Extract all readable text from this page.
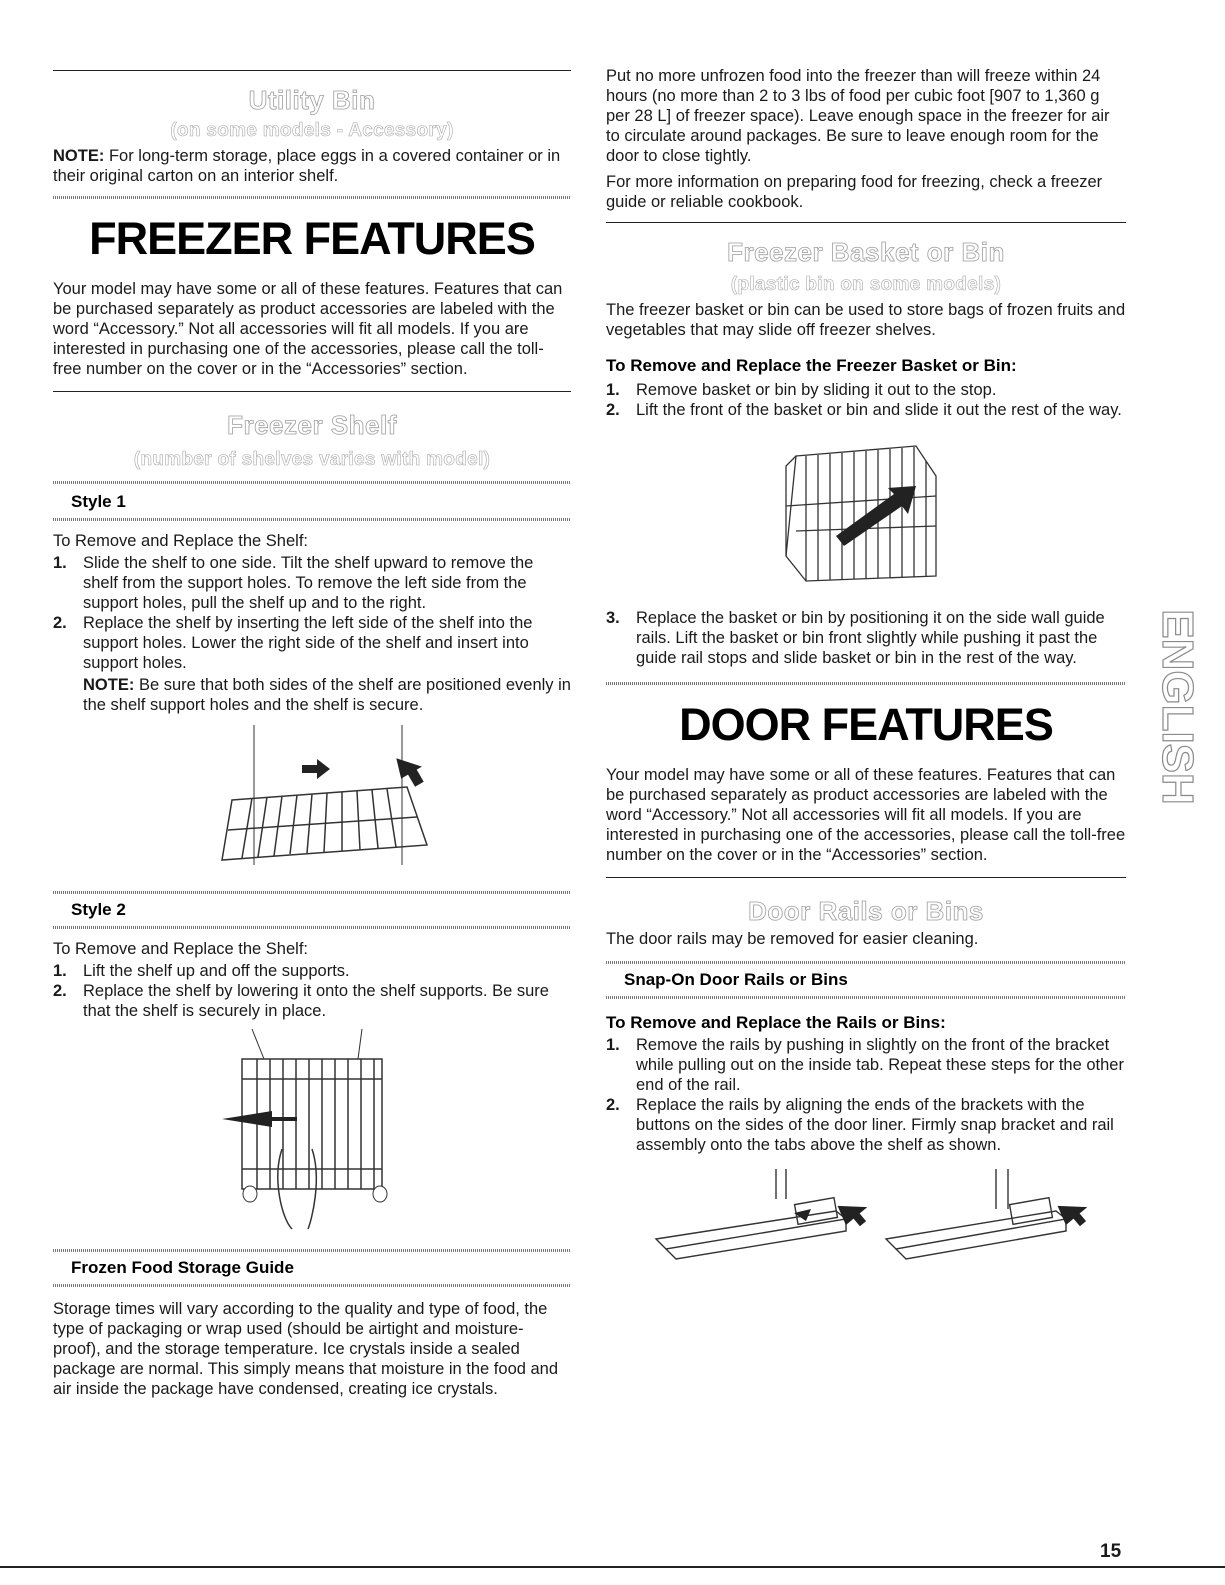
Utility Bin
(on some models - Accessory)

NOTE: For long-term storage, place eggs in a covered container or in their original carton on an interior shelf.

FREEZER FEATURES

Your model may have some or all of these features. Features that can be purchased separately as product accessories are labeled with the word “Accessory.” Not all accessories will fit all models. If you are interested in purchasing one of the accessories, please call the toll-free number on the cover or in the “Accessories” section.

Freezer Shelf
(number of shelves varies with model)
Style 1

To Remove and Replace the Shelf:

1. Slide the shelf to one side. Tilt the shelf upward to remove the shelf from the support holes. To remove the left side from the support holes, pull the shelf up and to the right.
2. Replace the shelf by inserting the left side of the shelf into the support holes. Lower the right side of the shelf and insert into support holes.
NOTE: Be sure that both sides of the shelf are positioned evenly in the shelf support holes and the shelf is secure.
Style 2

To Remove and Replace the Shelf:

1. Lift the shelf up and off the supports.
2. Replace the shelf by lowering it onto the shelf supports. Be sure that the shelf is securely in place.
Frozen Food Storage Guide

Storage times will vary according to the quality and type of food, the type of packaging or wrap used (should be airtight and moisture-proof), and the storage temperature. Ice crystals inside a sealed package are normal. This simply means that moisture in the food and air inside the package have condensed, creating ice crystals.

Put no more unfrozen food into the freezer than will freeze within 24 hours (no more than 2 to 3 lbs of food per cubic foot [907 to 1,360 g per 28 L] of freezer space). Leave enough space in the freezer for air to circulate around packages. Be sure to leave enough room for the door to close tightly.

For more information on preparing food for freezing, check a freezer guide or reliable cookbook.

Freezer Basket or Bin
(plastic bin on some models)

The freezer basket or bin can be used to store bags of frozen fruits and vegetables that may slide off freezer shelves.

To Remove and Replace the Freezer Basket or Bin:
1. Remove basket or bin by sliding it out to the stop.
2. Lift the front of the basket or bin and slide it out the rest of the way.
3. Replace the basket or bin by positioning it on the side wall guide rails. Lift the basket or bin front slightly while pushing it past the guide rail stops and slide basket or bin in the rest of the way.
DOOR FEATURES

Your model may have some or all of these features. Features that can be purchased separately as product accessories are labeled with the word “Accessory.” Not all accessories will fit all models. If you are interested in purchasing one of the accessories, please call the toll-free number on the cover or in the “Accessories” section.

Door Rails or Bins

The door rails may be removed for easier cleaning.

Snap-On Door Rails or Bins
To Remove and Replace the Rails or Bins:
1. Remove the rails by pushing in slightly on the front of the bracket while pulling out on the inside tab. Repeat these steps for the other end of the rail.
2. Replace the rails by aligning the ends of the brackets with the buttons on the sides of the door liner. Firmly snap bracket and rail assembly onto the tabs above the shelf as shown.
ENGLISH
15
